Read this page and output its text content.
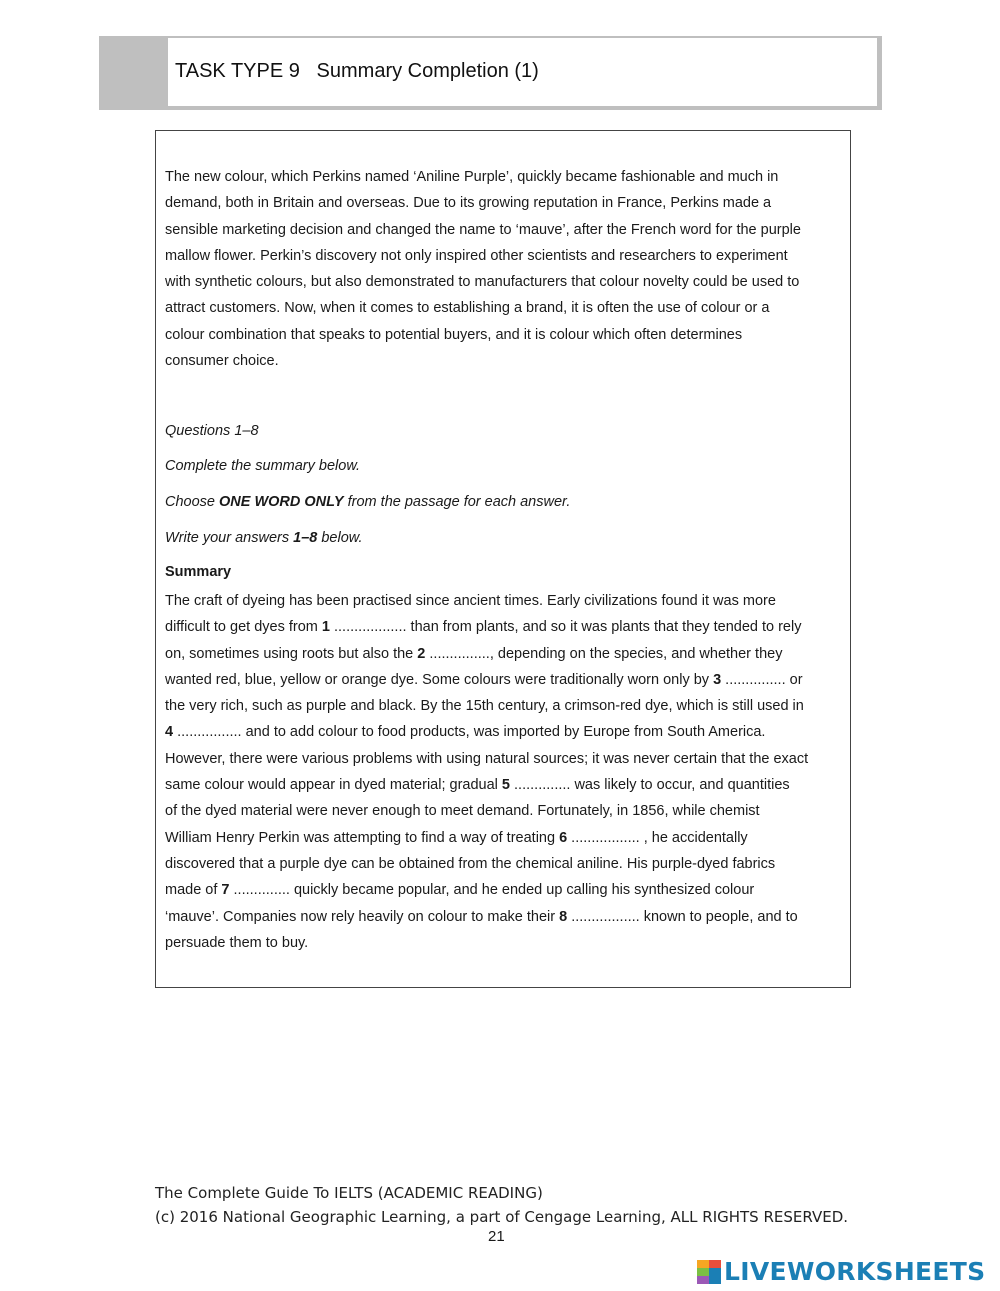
TASK TYPE 9   Summary Completion (1)

The new colour, which Perkins named ‘Aniline Purple’, quickly became fashionable and much in

demand, both in Britain and overseas. Due to its growing reputation in France, Perkins made a

sensible marketing decision and changed the name to ‘mauve’, after the French word for the purple

mallow flower. Perkin’s discovery not only inspired other scientists and researchers to experiment

with synthetic colours, but also demonstrated to manufacturers that colour novelty could be used to

attract customers. Now, when it comes to establishing a brand, it is often the use of colour or a

colour combination that speaks to potential buyers, and it is colour which often determines

consumer choice.

Questions 1–8

Complete the summary below.

Choose ONE WORD ONLY from the passage for each answer.

Write your answers 1–8 below.

Summary
The craft of dyeing has been practised since ancient times. Early civilizations found it was more
difficult to get dyes from 1 .................. than from plants, and so it was plants that they tended to rely
on, sometimes using roots but also the 2 ..............., depending on the species, and whether they
wanted red, blue, yellow or orange dye. Some colours were traditionally worn only by 3 ............... or
the very rich, such as purple and black. By the 15th century, a crimson-red dye, which is still used in
4 ................ and to add colour to food products, was imported by Europe from South America.
However, there were various problems with using natural sources; it was never certain that the exact
same colour would appear in dyed material; gradual 5 .............. was likely to occur, and quantities
of the dyed material were never enough to meet demand. Fortunately, in 1856, while chemist
William Henry Perkin was attempting to find a way of treating 6 ................. , he accidentally
discovered that a purple dye can be obtained from the chemical aniline. His purple-dyed fabrics
made of 7 .............. quickly became popular, and he ended up calling his synthesized colour
‘mauve’. Companies now rely heavily on colour to make their 8 ................. known to people, and to
persuade them to buy.
The Complete Guide To IELTS (ACADEMIC READING)
(c) 2016 National Geographic Learning, a part of Cengage Learning, ALL RIGHTS RESERVED.
21
LIVEWORKSHEETS
